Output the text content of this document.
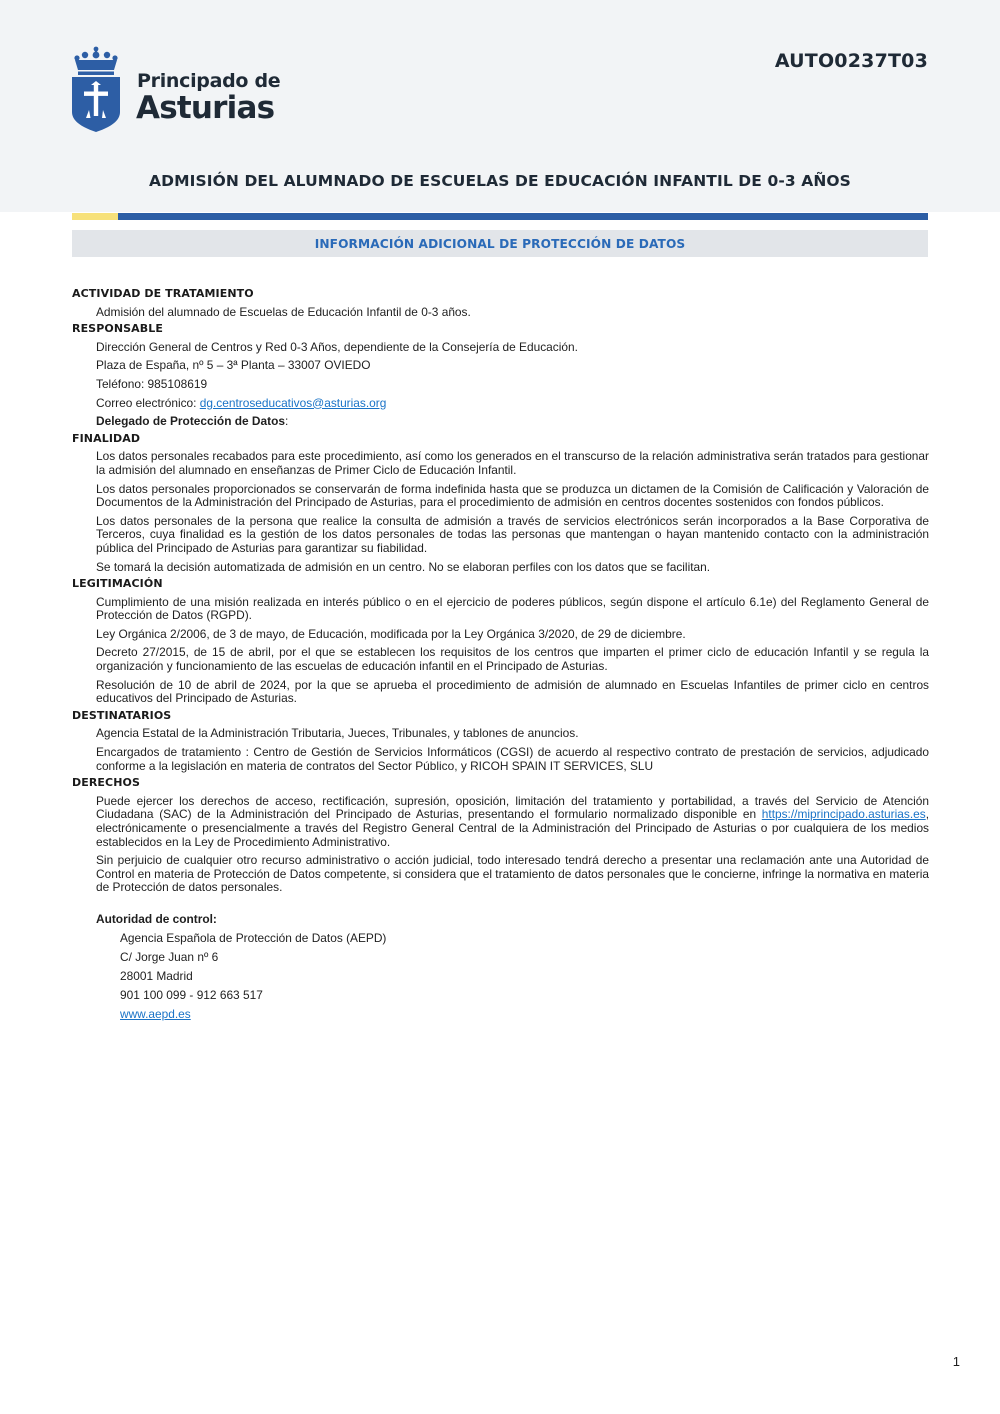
Principado de
Asturias
AUTO0237T03
ADMISIÓN DEL ALUMNADO DE ESCUELAS DE EDUCACIÓN INFANTIL DE 0-3 AÑOS
INFORMACIÓN ADICIONAL DE PROTECCIÓN DE DATOS
ACTIVIDAD DE TRATAMIENTO
Admisión del alumnado de Escuelas de Educación Infantil de 0-3 años.
RESPONSABLE
Dirección General de Centros y Red 0-3 Años, dependiente de la Consejería de Educación.
Plaza de España, nº 5 – 3ª Planta – 33007 OVIEDO
Teléfono: 985108619
Correo electrónico: dg.centroseducativos@asturias.org
Delegado de Protección de Datos:
FINALIDAD
Los datos personales recabados para este procedimiento, así como los generados en el transcurso de la relación administrativa serán tratados para gestionar la admisión del alumnado en enseñanzas de Primer Ciclo de Educación Infantil.
Los datos personales proporcionados se conservarán de forma indefinida hasta que se produzca un dictamen de la Comisión de Calificación y Valoración de Documentos de la Administración del Principado de Asturias, para el procedimiento de admisión en centros docentes sostenidos con fondos públicos.
Los datos personales de la persona que realice la consulta de admisión a través de servicios electrónicos serán incorporados a la Base Corporativa de Terceros, cuya finalidad es la gestión de los datos personales de todas las personas que mantengan o hayan mantenido contacto con la administración pública del Principado de Asturias para garantizar su fiabilidad.
Se tomará la decisión automatizada de admisión en un centro. No se elaboran perfiles con los datos que se facilitan.
LEGITIMACIÓN
Cumplimiento de una misión realizada en interés público o en el ejercicio de poderes públicos, según dispone el artículo 6.1e) del Reglamento General de Protección de Datos (RGPD).
Ley Orgánica 2/2006, de 3 de mayo, de Educación, modificada por la Ley Orgánica 3/2020, de 29 de diciembre.
Decreto 27/2015, de 15 de abril, por el que se establecen los requisitos de los centros que imparten el primer ciclo de educación Infantil y se regula la organización y funcionamiento de las escuelas de educación infantil en el Principado de Asturias.
Resolución de 10 de abril de 2024, por la que se aprueba el procedimiento de admisión de alumnado en Escuelas Infantiles de primer ciclo en centros educativos del Principado de Asturias.
DESTINATARIOS
Agencia Estatal de la Administración Tributaria, Jueces, Tribunales, y tablones de anuncios.
Encargados de tratamiento : Centro de Gestión de Servicios Informáticos (CGSI) de acuerdo al respectivo contrato de prestación de servicios, adjudicado conforme a la legislación en materia de contratos del Sector Público, y RICOH SPAIN IT SERVICES, SLU
DERECHOS
Puede ejercer los derechos de acceso, rectificación, supresión, oposición, limitación del tratamiento y portabilidad, a través del Servicio de Atención Ciudadana (SAC) de la Administración del Principado de Asturias, presentando el formulario normalizado disponible en https://miprincipado.asturias.es, electrónicamente o presencialmente a través del Registro General Central de la Administración del Principado de Asturias o por cualquiera de los medios establecidos en la Ley de Procedimiento Administrativo.
Sin perjuicio de cualquier otro recurso administrativo o acción judicial, todo interesado tendrá derecho a presentar una reclamación ante una Autoridad de Control en materia de Protección de Datos competente, si considera que el tratamiento de datos personales que le concierne, infringe la normativa en materia de Protección de datos personales.
Autoridad de control:
Agencia Española de Protección de Datos (AEPD)
C/ Jorge Juan nº 6
28001 Madrid
901 100 099 - 912 663 517
www.aepd.es
1
